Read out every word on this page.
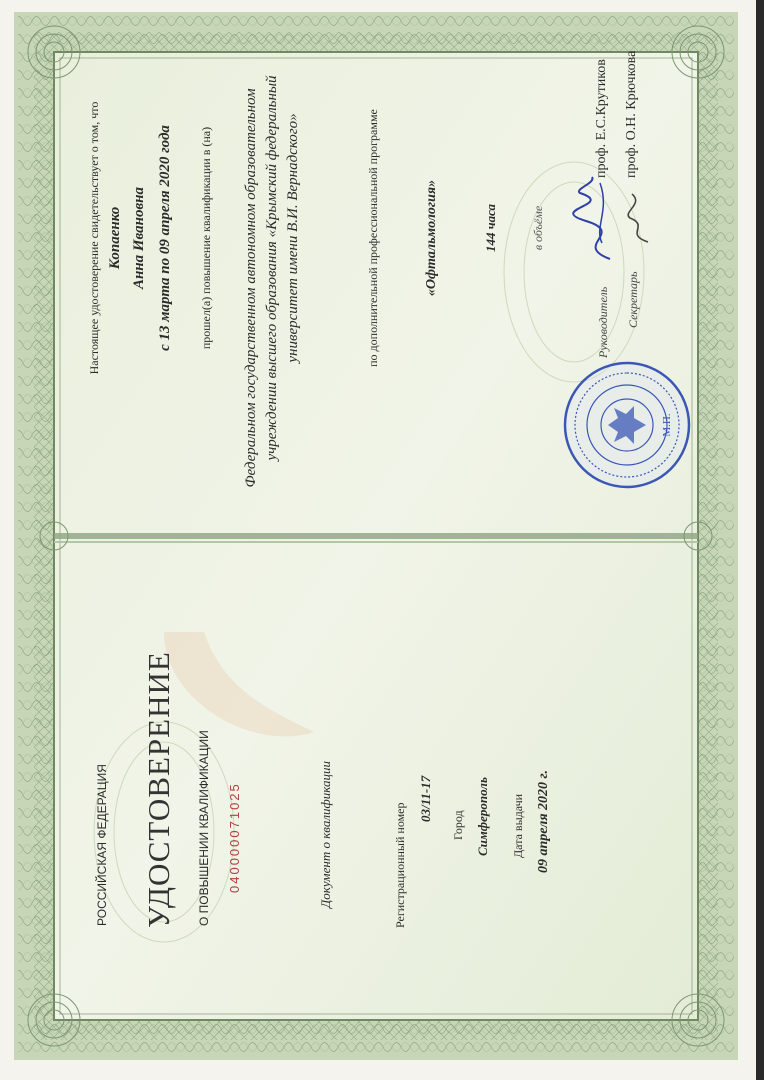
РОССИЙСКАЯ ФЕДЕРАЦИЯ УДОСТОВЕРЕНИЕ О ПОВЫШЕНИИ КВАЛИФИКАЦИИ 040000071025	Документ о квалификации	Регистрационный номер
03/11-17
Город Симферополь Дата выдачи 09 апреля 2020 г.
Настоящее удостоверение свидетельствует о том, что Копаенко Анна Ивановна с 13 марта по 09 апреля 2020 года прошел(а) повышение квалификации в (на) Федеральном государственном автономном образовательном учреждении высшего образования «Крымский федеральный университет имени В.И. Вернадского»	по дополнительной профессиональной программе	«Офтальмология»	144 часа	в объёме
Руководитель
проф. Е.С.Крутиков
Секретарь
проф. О.Н. Крючкова
М.П.
